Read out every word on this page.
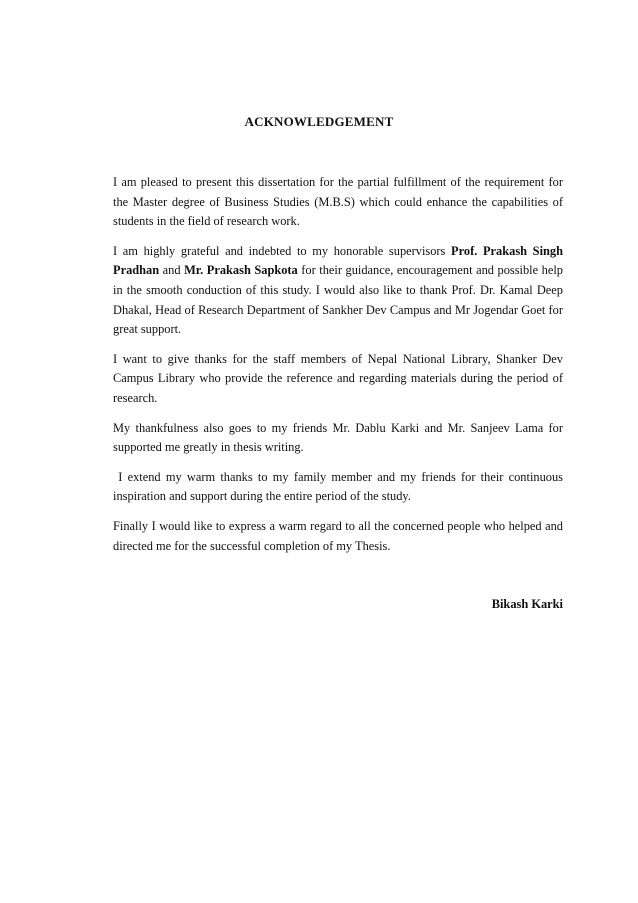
ACKNOWLEDGEMENT

I am pleased to present this dissertation for the partial fulfillment of the requirement for the Master degree of Business Studies (M.B.S) which could enhance the capabilities of students in the field of research work.

I am highly grateful and indebted to my honorable supervisors Prof. Prakash Singh Pradhan and Mr. Prakash Sapkota for their guidance, encouragement and possible help in the smooth conduction of this study. I would also like to thank Prof. Dr. Kamal Deep Dhakal, Head of Research Department of Sankher Dev Campus and Mr Jogendar Goet for great support.

I want to give thanks for the staff members of Nepal National Library, Shanker Dev Campus Library who provide the reference and regarding materials during the period of research.

My thankfulness also goes to my friends Mr. Dablu Karki and Mr. Sanjeev Lama for supported me greatly in thesis writing.

I extend my warm thanks to my family member and my friends for their continuous inspiration and support during the entire period of the study.

Finally I would like to express a warm regard to all the concerned people who helped and directed me for the successful completion of my Thesis.

Bikash Karki
